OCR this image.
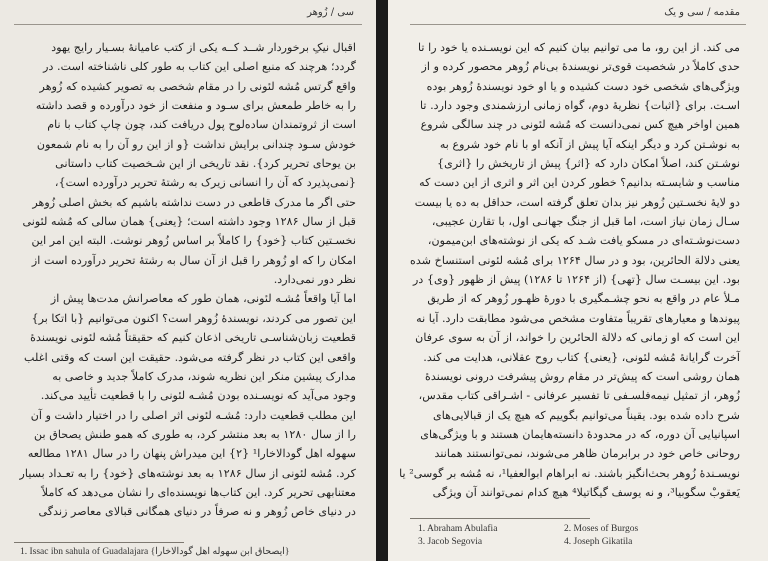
سی / زُوهر

اقبال نیکِ برخوردار شــد کــه یکی از کتب عامیانهٔ بسـیار رایج یهود
گردد؛ هرچند که منبع اصلی این کتاب به طور کلی ناشناخته است. در
واقع گرتس مُشه لئونی را در مقام شخصی به تصویر کشیده که زُوهر
را به خاطر طمعش برای سـود و منفعت از خود درآورده و قصد داشته
است از ثروتمندان ساده‌لوح پول دریافت کند، چون چاپ کتاب با نام
خودش سـود چندانی برایش نداشت {و از این رو آن را به نام شمعون
بن یوحای تحریر کرد}. نقد تاریخی از این شـخصیت کتاب داستانی
{نمی‌پذیرد که آن را انسانی زیرک به رشتهٔ تحریر درآورده است}،
حتی اگر ما مدرک قاطعی در دست نداشته باشیم که بخش اصلی زُوهر
قبل از سال ۱۲۸۶ وجود داشته است؛ {یعنی} همان سالی که مُشه لئونی
نخسـتین کتاب {خود} را کاملاً بر اساس زُوهر نوشت. البته این امر این
امکان را که او زُوهر را قبل از آن سال به رشتهٔ تحریر درآورده است از
نظر دور نمی‌دارد.

اما آیا واقعاً مُشـه لئونی، همان طور که معاصرانش مدت‌ها پیش از
این تصور می کردند، نویسندهٔ زُوهر است؟ اکنون می‌توانیم {با اتکا بر}
قطعیت زبان‌شناسـی تاریخی اذعان کنیم که حقیقتاً مُشه لئونی نویسندهٔ
واقعی این کتاب در نظر گرفته می‌شود. حقیقت این است که وقتی اغلب
مدارک پیشین منکر این نظریه شوند، مدرک کاملاً جدید و خاصی به
وجود می‌آید که نویسـنده بودن مُشـه لئونی را با قطعیت تأیید می‌کند.
این مطلب قطعیت دارد: مُشـه لئونی اثر اصلی را در اختیار داشت و آن
را از سال ۱۲۸۰ به بعد منتشر کرد، به طوری که همو طنش یصحاق بن
سهوله اهل گودالاخارا¹ {۲} این میدراش پنهان را در سال ۱۲۸۱ مطالعه
کرد. مُشه لئونی از سال ۱۲۸۶ به بعد نوشته‌های {خود} را به تعـداد بسیار
معتنابهی تحریر کرد. این کتاب‌ها نویسنده‌ای را نشان می‌دهد که کاملاً
در دنیای خاص زُوهر و نه صرفاً در دنیای همگانی قبالای معاصر زندگی

1. Issac ibn sahula of Guadalajara {ایصحاق ابن سهوله اهل گودالاخارا}
مقدمه / سی و یک

می کند. از این رو، ما می توانیم بیان کنیم که این نویسـنده یا خود را تا
حدی کاملاً در شخصیت قوی‌تر نویسندهٔ بی‌نام زُوهر محصور کرده و از
ویژگی‌های شخصی خود دست کشیده و یا او خود نویسندهٔ زُوهر بوده
اسـت. برای {اثبات} نظریهٔ دوم، گواه زمانی ارزشمندی وجود دارد. تا
همین اواخر هیچ کس نمی‌دانست که مُشه لئونی در چند سالگی شروع
به نوشـتن کرد و دیگر اینکه آیا پیش از آنکه او با نام خود شروع به
نوشـتن کند، اصلاً امکان دارد که {اثر} پیش از تاریخش را {اثری}
مناسب و شایسـته بدانیم؟ خطور کردن این اثر و اثری از این دست که
دو لایهٔ نخسـتین زُوهر نیز بدان تعلق گرفته است، حداقل به ده یا بیست
سـال زمان نیاز است، اما قبل از جنگ جهانـی اول، با تقارن عجیبی،
دست‌نوشـته‌ای در مسکو یافت شـد که یکی از نوشته‌های ابن‌میمون،
یعنی دلالة الحائرین، بود و در سال ۱۲۶۴ برای مُشه لئونی استنساخ شده
بود. این بیسـت سال {تهی} (از ۱۲۶۴ تا ۱۲۸۶) پیش از ظهور {وی} در
مـلأ عام در واقع به نحو چشـمگیری با دورهٔ ظهـور زُوهر که از طریق
پیوندها و معیارهای تقریباً متفاوت مشخص می‌شود مطابقت دارد. آیا نه
این است که او زمانی که دلالة الحائرین را خواند، از آن به سوی عرفان
آخرت گرایانهٔ مُشه لئونی، {یعنی} کتاب روح عقلانی، هدایت می کند.
همان روشی است که پیش‌تر در مقام روش پیشرفت درونی نویسندهٔ
زُوهر، از تمثیل نیمه‌فلسـفی تا تفسیر عرفانی - اشـراقی کتاب مقدس،
شرح داده شده بود. یقیناً می‌توانیم بگوییم که هیچ یک از قبالایی‌های
اسپانیایی آن دوره، که در محدودهٔ دانسته‌هایمان هستند و با ویژگی‌های
روحانی خاص خود در برابرمان ظاهر می‌شوند، نمی‌توانستند همانند
نویسـندهٔ زُوهر بحث‌انگیز باشند. نه ابراهام ابوالعفیا¹، نه مُشه بر گوسی² یا
یَعقوبْ سگوبیا³، و نه یوسف گیگاتیلا⁴ هیچ کدام نمی‌توانند آن ویژگی

1. Abraham Abulafia	2. Moses of Burgos
3. Jacob Segovia	4. Joseph Gikatila
